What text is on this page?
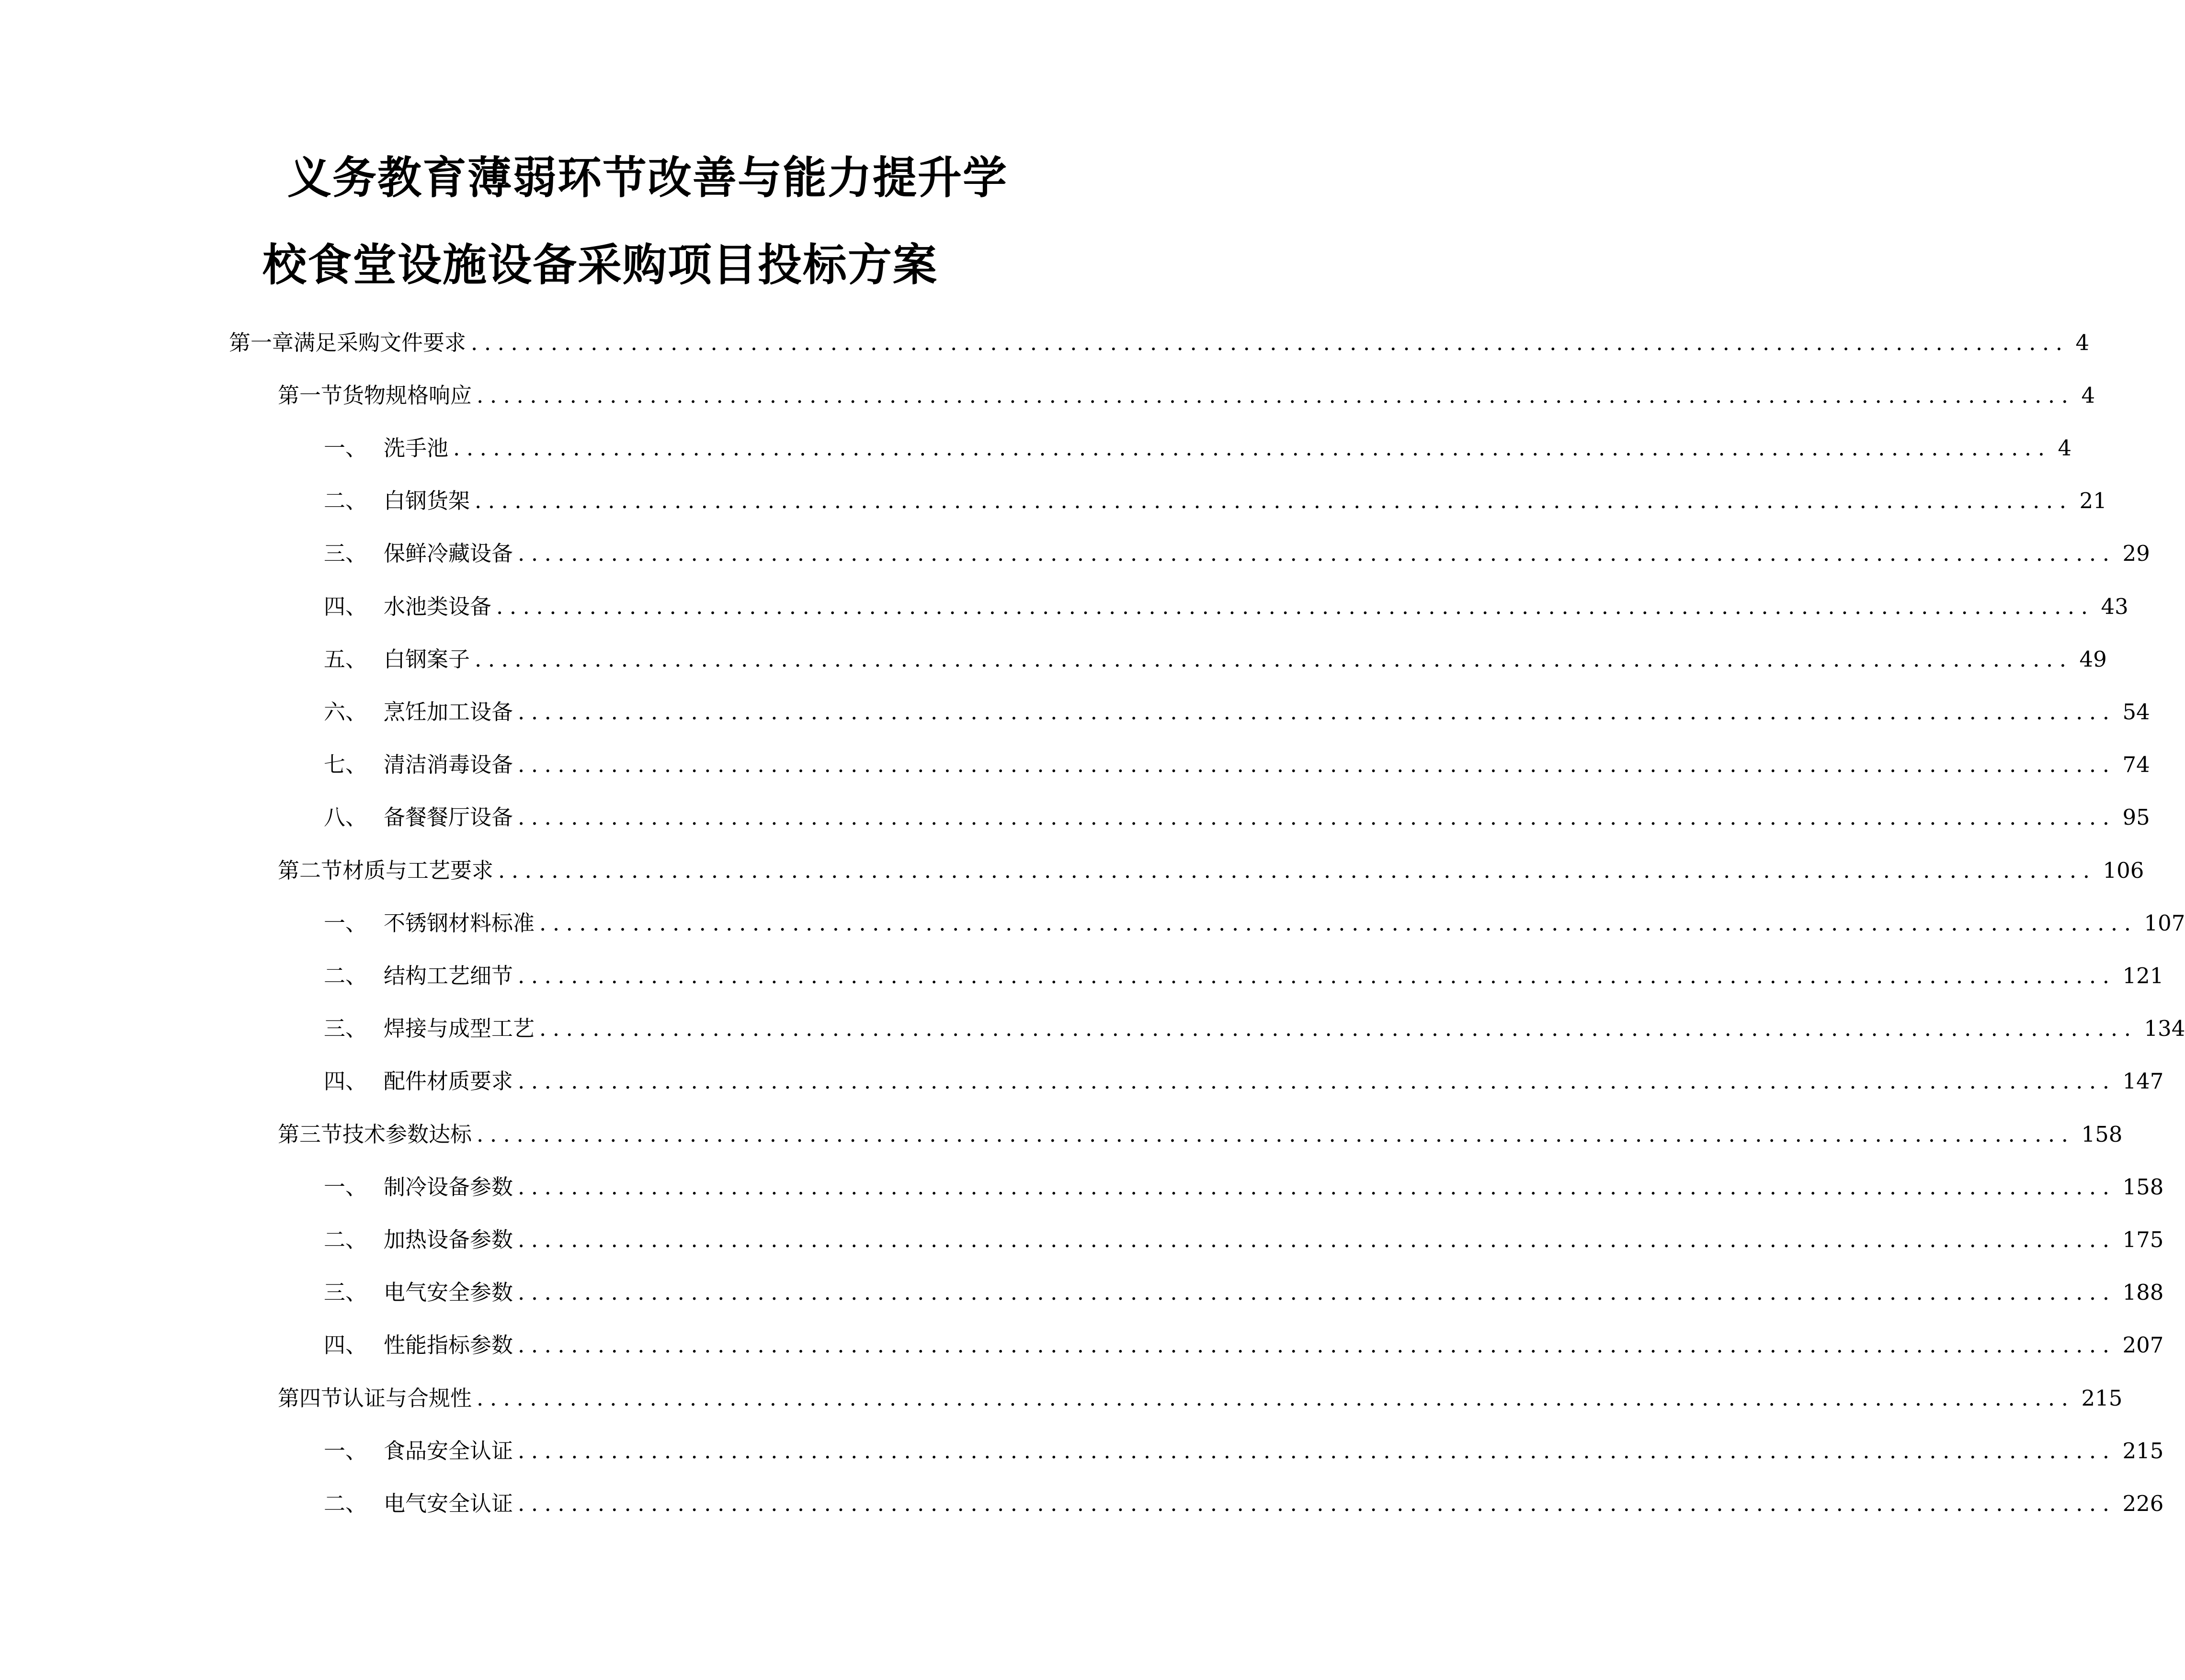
义务教育薄弱环节改善与能力提升学
校食堂设施设备采购项目投标方案
第一章 满足采购文件要求 ........................................................................................................................ 4
第一节 货物规格响应 ........................................................................................................................ 4
一、 洗手池 ........................................................................................................................ 4
二、 白钢货架 ........................................................................................................................ 21
三、 保鲜冷藏设备 ........................................................................................................................ 29
四、 水池类设备 ........................................................................................................................ 43
五、 白钢案子 ........................................................................................................................ 49
六、 烹饪加工设备 ........................................................................................................................ 54
七、 清洁消毒设备 ........................................................................................................................ 74
八、 备餐餐厅设备 ........................................................................................................................ 95
第二节 材质与工艺要求 ........................................................................................................................ 106
一、 不锈钢材料标准 ........................................................................................................................ 107
二、 结构工艺细节 ........................................................................................................................ 121
三、 焊接与成型工艺 ........................................................................................................................ 134
四、 配件材质要求 ........................................................................................................................ 147
第三节 技术参数达标 ........................................................................................................................ 158
一、 制冷设备参数 ........................................................................................................................ 158
二、 加热设备参数 ........................................................................................................................ 175
三、 电气安全参数 ........................................................................................................................ 188
四、 性能指标参数 ........................................................................................................................ 207
第四节 认证与合规性 ........................................................................................................................ 215
一、 食品安全认证 ........................................................................................................................ 215
二、 电气安全认证 ........................................................................................................................ 226
